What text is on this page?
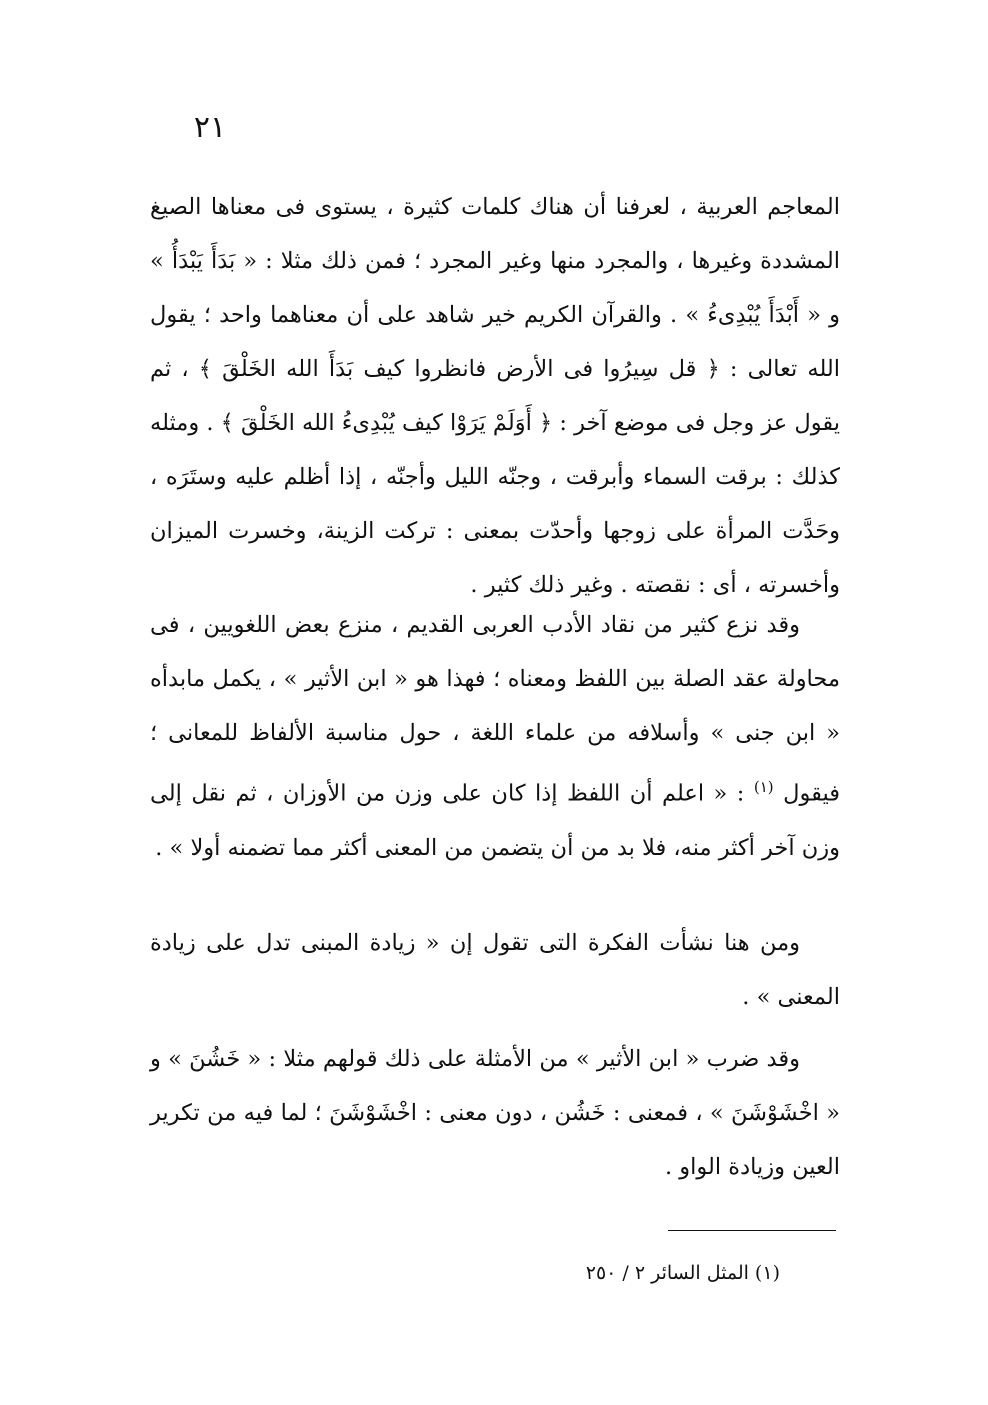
٢١

المعاجم العربية ، لعرفنا أن هناك كلمات كثيرة ، يستوى فى معناها الصيغ المشددة وغيرها ، والمجرد منها وغير المجرد ؛ فمن ذلك مثلا : « بَدَأَ يَبْدَأُ » و « أَبْدَأَ يُبْدِىءُ » . والقرآن الكريم خير شاهد على أن معناهما واحد ؛ يقول الله تعالى : ﴿ قل سِيرُوا فى الأرض فانظروا كيف بَدَأَ الله الخَلْقَ ﴾ ، ثم يقول عز وجل فى موضع آخر : ﴿ أَوَلَمْ يَرَوْا كيف يُبْدِىءُ الله الخَلْقَ ﴾ . ومثله كذلك : برقت السماء وأبرقت ، وجنّه الليل وأجنّه ، إذا أظلم عليه وستَرَه ، وحَدَّت المرأة على زوجها وأحدّت بمعنى : تركت الزينة، وخسرت الميزان وأخسرته ، أى : نقصته . وغير ذلك كثير .

وقد نزع كثير من نقاد الأدب العربى القديم ، منزع بعض اللغويين ، فى محاولة عقد الصلة بين اللفظ ومعناه ؛ فهذا هو « ابن الأثير » ، يكمل مابدأه « ابن جنى » وأسلافه من علماء اللغة ، حول مناسبة الألفاظ للمعانى ؛ فيقول $^{(١)}$ : « اعلم أن اللفظ إذا كان على وزن من الأوزان ، ثم نقل إلى وزن آخر أكثر منه، فلا بد من أن يتضمن من المعنى أكثر مما تضمنه أولا » .

ومن هنا نشأت الفكرة التى تقول إن « زيادة المبنى تدل على زيادة المعنى » .

وقد ضرب « ابن الأثير » من الأمثلة على ذلك قولهم مثلا : « خَشُنَ » و « اخْشَوْشَنَ » ، فمعنى : خَشُن ، دون معنى : اخْشَوْشَنَ ؛ لما فيه من تكرير العين وزيادة الواو .

(١) المثل السائر ٢ / ٢٥٠
